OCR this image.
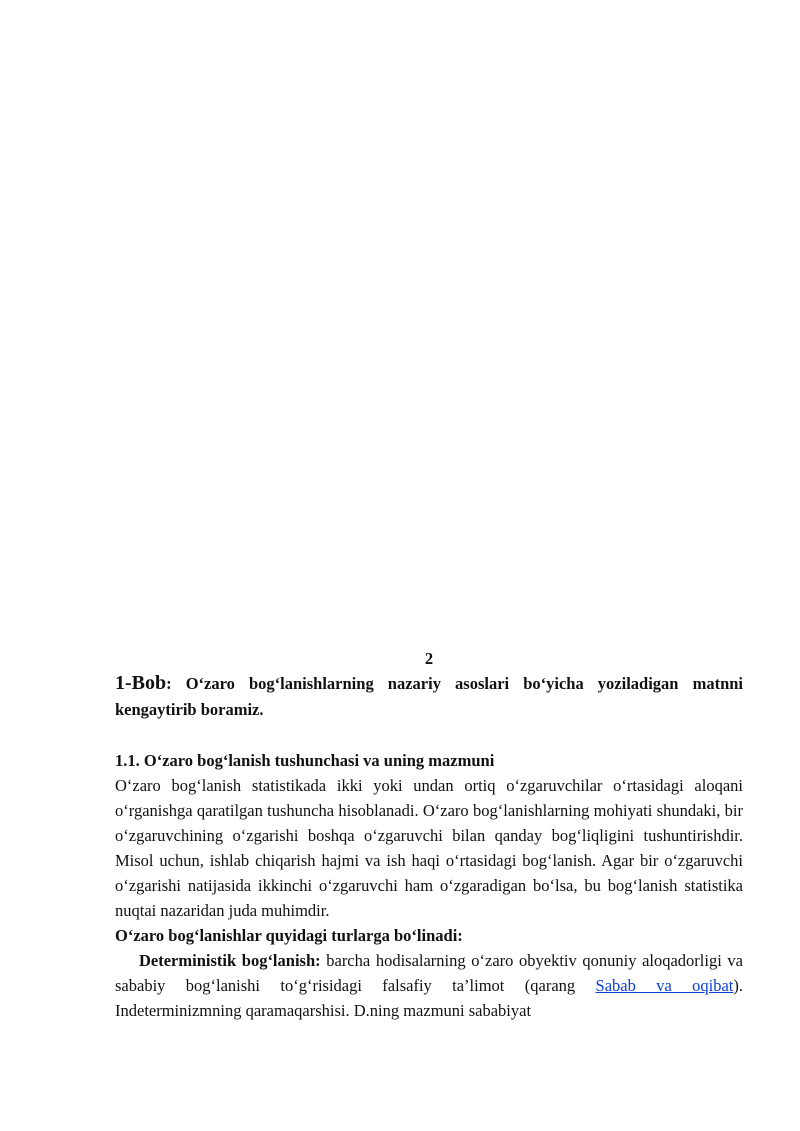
2
1-Bob: O‘zaro bog‘lanishlarning nazariy asoslari bo‘yicha yoziladigan matnni kengaytirib boramiz.
1.1. O‘zaro bog‘lanish tushunchasi va uning mazmuni
O‘zaro bog‘lanish statistikada ikki yoki undan ortiq o‘zgaruvchilar o‘rtasidagi aloqani o‘rganishga qaratilgan tushuncha hisoblanadi. O‘zaro bog‘lanishlarning mohiyati shundaki, bir o‘zgaruvchining o‘zgarishi boshqa o‘zgaruvchi bilan qanday bog‘liqligini tushuntirishdir. Misol uchun, ishlab chiqarish hajmi va ish haqi o‘rtasidagi bog‘lanish. Agar bir o‘zgaruvchi o‘zgarishi natijasida ikkinchi o‘zgaruvchi ham o‘zgaradigan bo‘lsa, bu bog‘lanish statistika nuqtai nazaridan juda muhimdir.
O‘zaro bog‘lanishlar quyidagi turlarga bo‘linadi:
Deterministik bog‘lanish: barcha hodisalarning o‘zaro obyektiv qonuniy aloqadorligi va sababiy bog‘lanishi to‘g‘risidagi falsafiy ta’limot (qarang Sabab va oqibat). Indeterminizmning qaramaqarshisi. D.ning mazmuni sababiyat
